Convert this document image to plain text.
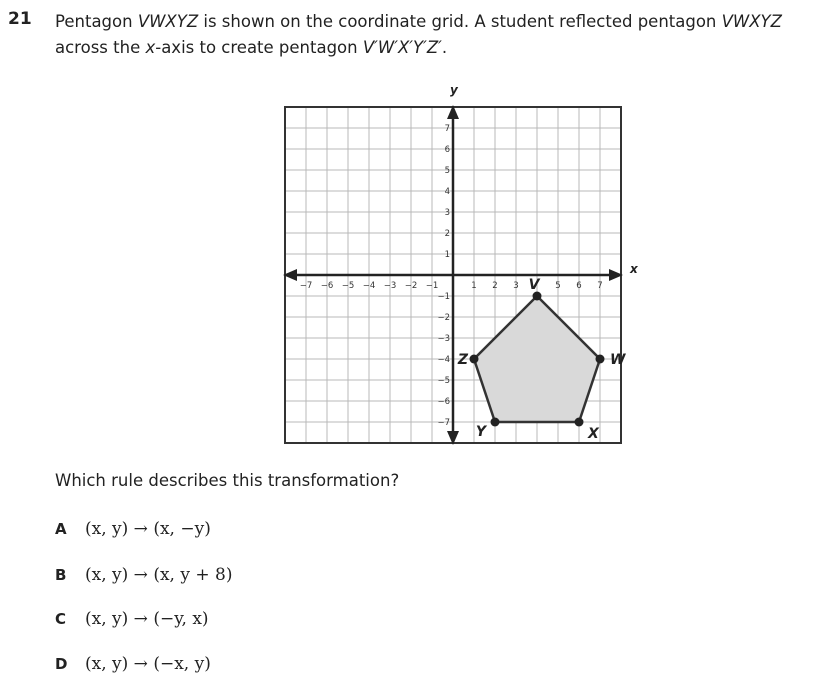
21 Pentagon VWXYZ is shown on the coordinate grid. A student reflected pentagon VWXYZ
across the x-axis to create pentagon V′W′X′Y′Z′.
y
x
−7 −6 −5 −4 −3 −2 −1	1 2 3	5 6 7
7
6
5
4
3
2
1
−1
−2
−3
−4
−5
−6
−7
V
W
X
Y
Z
Which rule describes this transformation?
A (x, y) → (x, −y)
B (x, y) → (x, y + 8)
C (x, y) → (−y, x)
D (x, y) → (−x, y)
